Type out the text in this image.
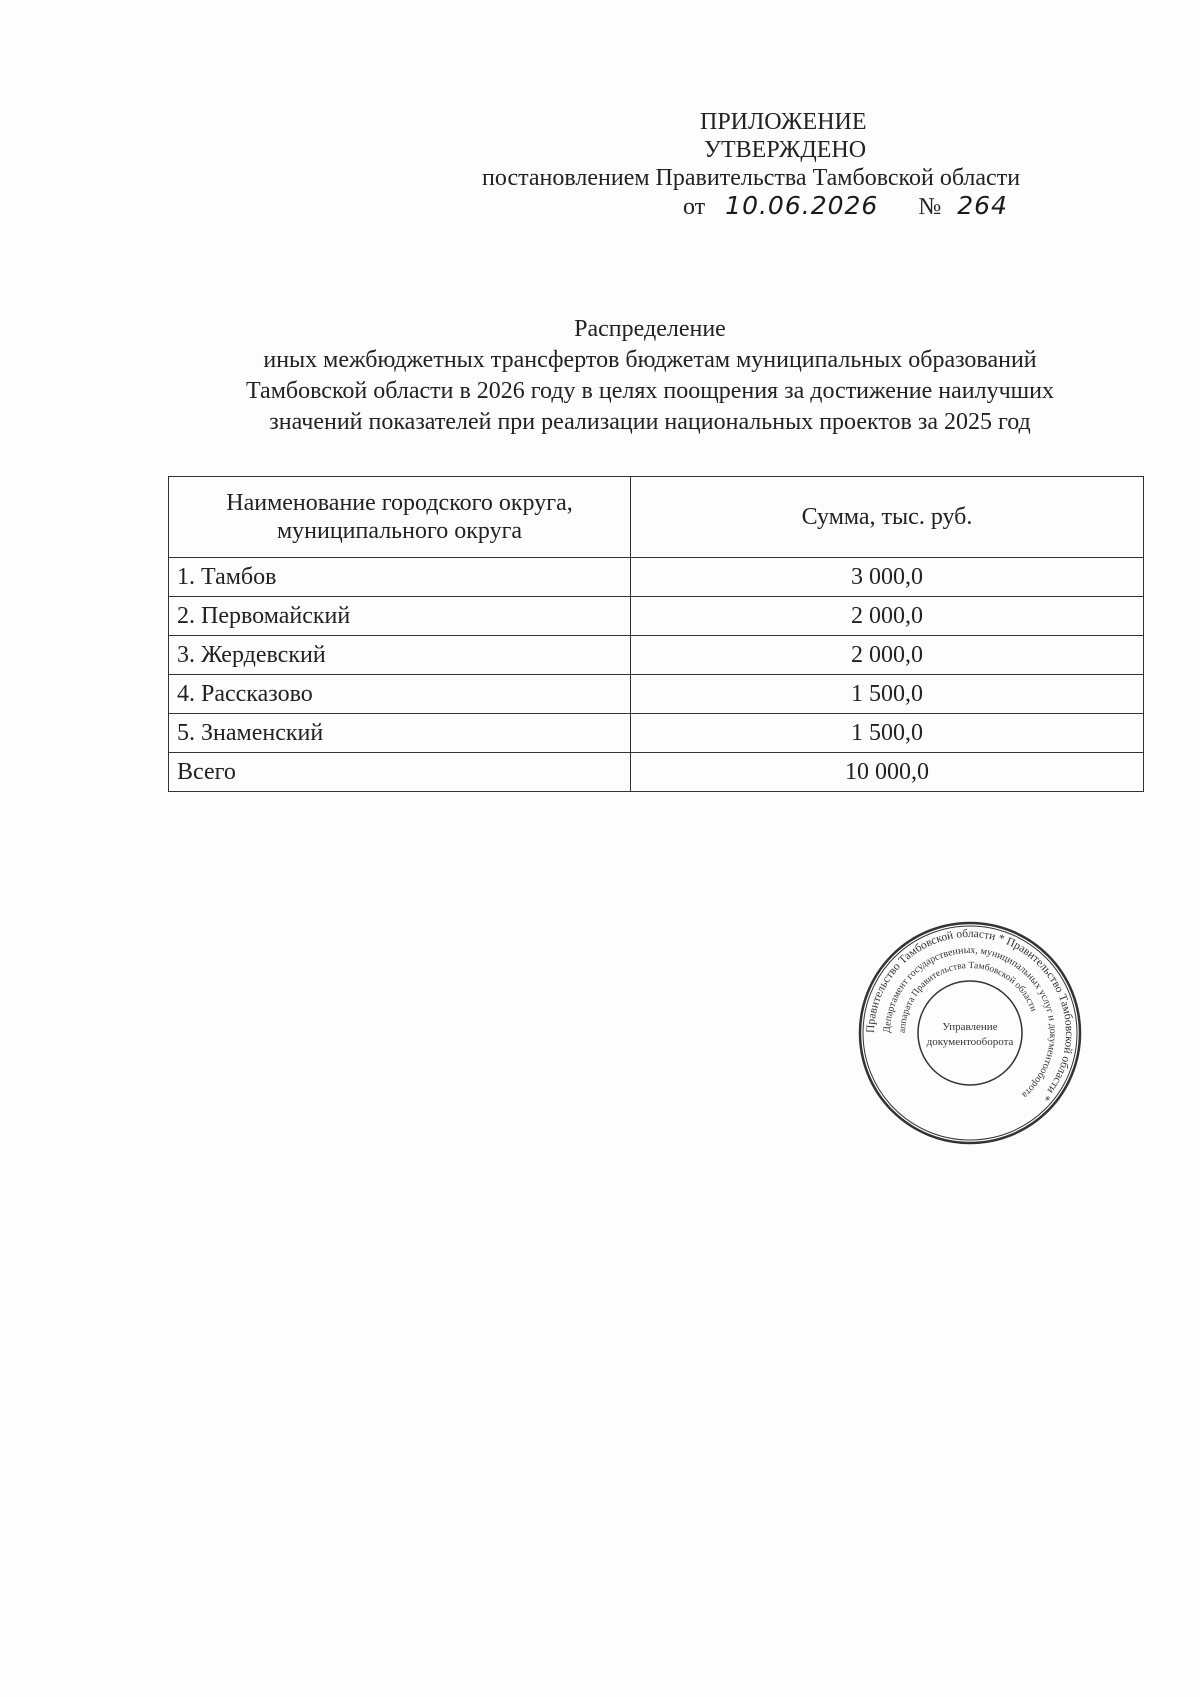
ПРИЛОЖЕНИЕ
УТВЕРЖДЕНО
постановлением Правительства Тамбовской области
от 10.06.2026 № 264
Распределение
иных межбюджетных трансфертов бюджетам муниципальных образований
Тамбовской области в 2026 году в целях поощрения за достижение наилучших
значений показателей при реализации национальных проектов за 2025 год
Наименование городского округа,
муниципального округа	Сумма, тыс. руб.
1. Тамбов	3 000,0
2. Первомайский	2 000,0
3. Жердевский	2 000,0
4. Рассказово	1 500,0
5. Знаменский	1 500,0
Всего	10 000,0
Правительство Тамбовской области * Правительство Тамбовской области *
Департамент государственных, муниципальных услуг и документооборота
аппарата Правительства Тамбовской области
Управление
документооборота
